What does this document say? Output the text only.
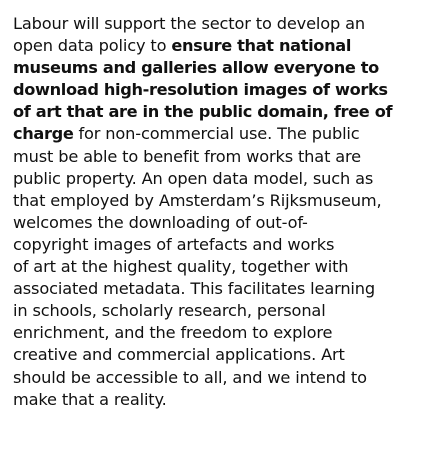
Labour will support the sector to develop an
open data policy to ensure that national
museums and galleries allow everyone to
download high-resolution images of works
of art that are in the public domain, free of
charge for non-commercial use. The public
must be able to benefit from works that are
public property. An open data model, such as
that employed by Amsterdam’s Rijksmuseum,
welcomes the downloading of out-of-
copyright images of artefacts and works
of art at the highest quality, together with
associated metadata. This facilitates learning
in schools, scholarly research, personal
enrichment, and the freedom to explore
creative and commercial applications. Art
should be accessible to all, and we intend to
make that a reality.
